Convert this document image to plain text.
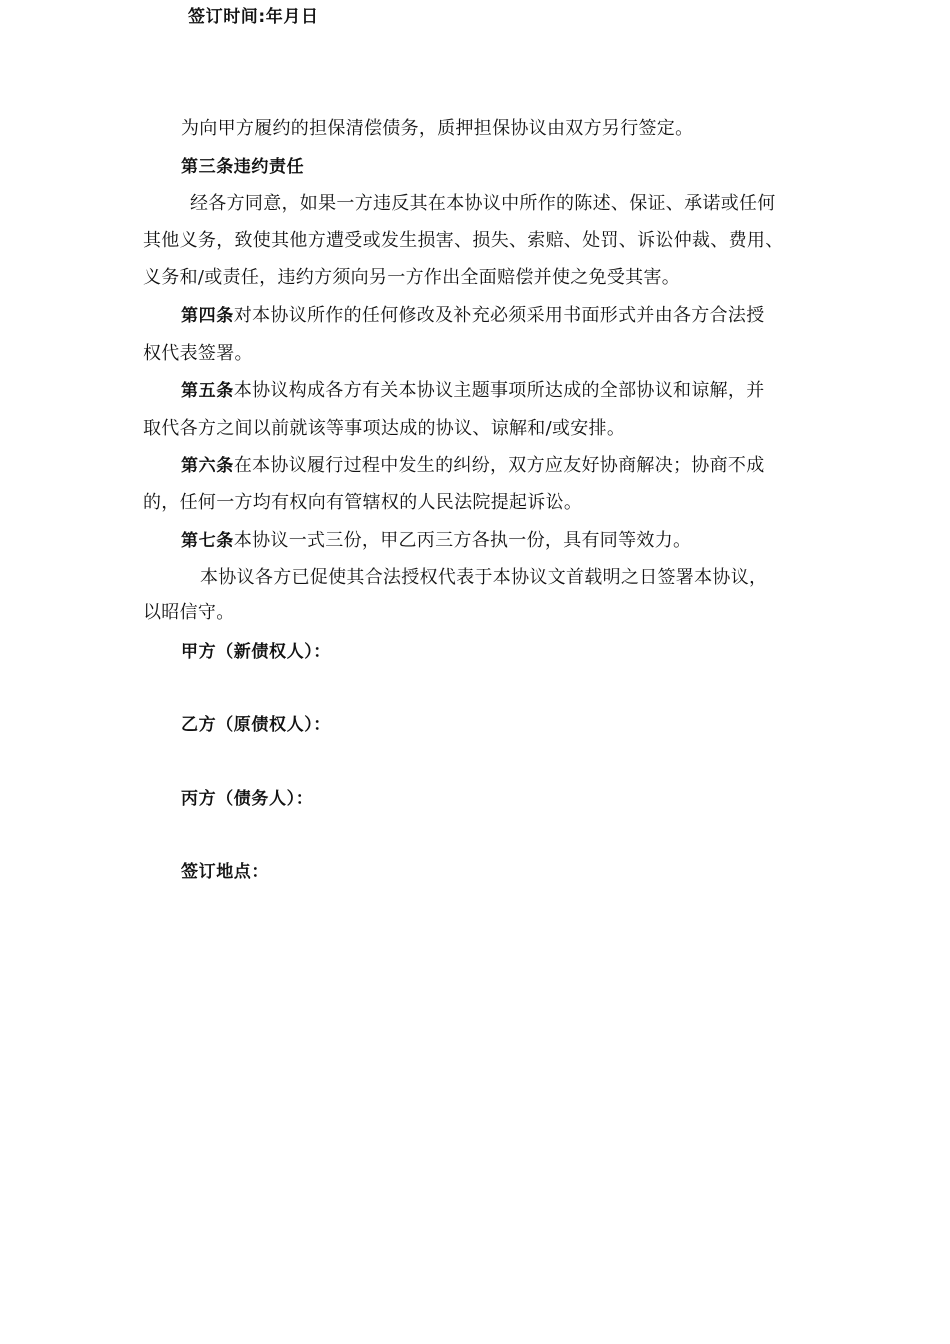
签订时间:年月日
为向甲方履约的担保清偿债务，质押担保协议由双方另行签定。
第三条违约责任
经各方同意，如果一方违反其在本协议中所作的陈述、保证、承诺或任何
其他义务，致使其他方遭受或发生损害、损失、索赔、处罚、诉讼仲裁、费用、
义务和/或责任，违约方须向另一方作出全面赔偿并使之免受其害。
第四条对本协议所作的任何修改及补充必须采用书面形式并由各方合法授
权代表签署。
第五条本协议构成各方有关本协议主题事项所达成的全部协议和谅解，并
取代各方之间以前就该等事项达成的协议、谅解和/或安排。
第六条在本协议履行过程中发生的纠纷，双方应友好协商解决；协商不成
的，任何一方均有权向有管辖权的人民法院提起诉讼。
第七条本协议一式三份，甲乙丙三方各执一份，具有同等效力。
本协议各方已促使其合法授权代表于本协议文首载明之日签署本协议，
以昭信守。
甲方（新债权人）：
乙方（原债权人）：
丙方（债务人）：
签订地点：
